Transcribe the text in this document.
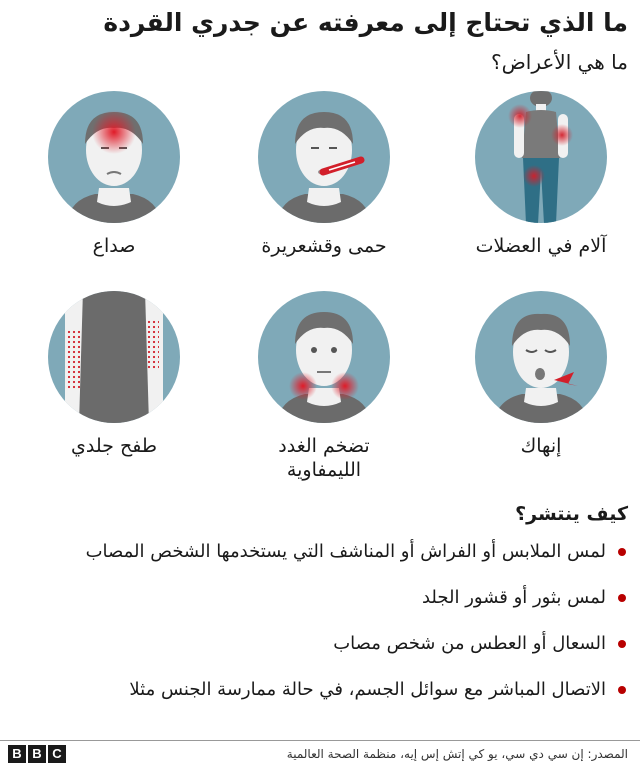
ما الذي تحتاج إلى معرفته عن جدري القردة
ما هي الأعراض؟
آلام في العضلات
حمى وقشعريرة
صداع
إنهاك
تضخم الغدد
الليمفاوية
طفح جلدي
كيف ينتشر؟
لمس الملابس أو الفراش أو المناشف التي يستخدمها الشخص المصاب
لمس بثور أو قشور الجلد
السعال أو العطس من شخص مصاب
الاتصال المباشر مع سوائل الجسم، في حالة ممارسة الجنس مثلا
المصدر: إن سي دي سي، يو كي إتش إس إيه، منظمة الصحة العالمية
B B C
